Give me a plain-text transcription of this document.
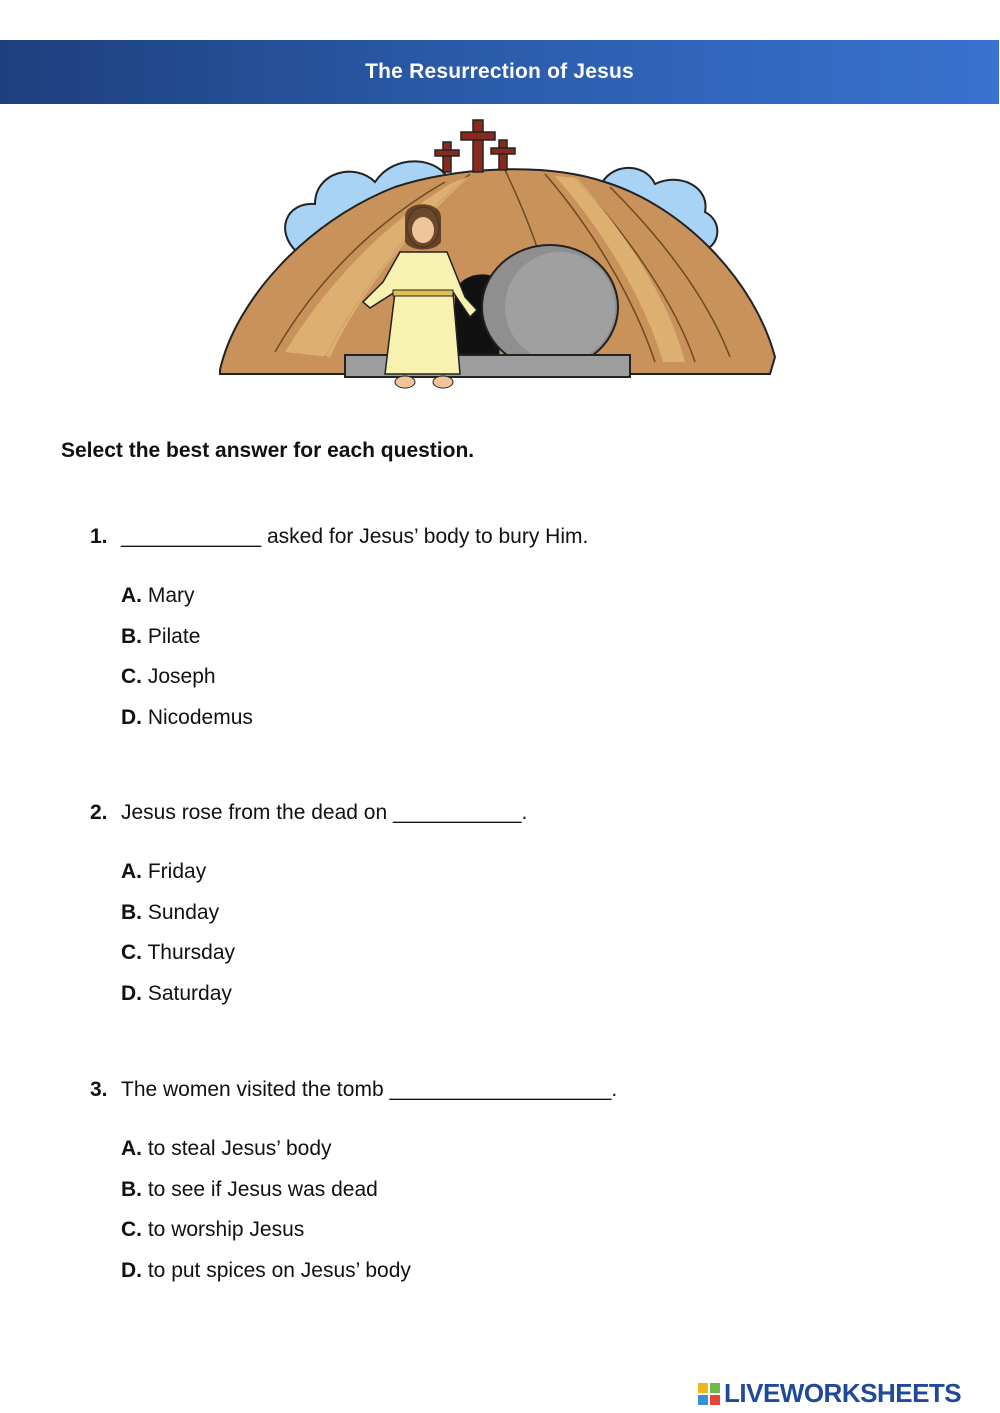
The Resurrection of Jesus
Select the best answer for each question.
1. ____________ asked for Jesus’ body to bury Him.
A. Mary
B. Pilate
C. Joseph
D. Nicodemus
2. Jesus rose from the dead on ___________.
A. Friday
B. Sunday
C. Thursday
D. Saturday
3. The women visited the tomb ___________________.
A. to steal Jesus’ body
B. to see if Jesus was dead
C. to worship Jesus
D. to put spices on Jesus’ body
LIVEWORKSHEETS
